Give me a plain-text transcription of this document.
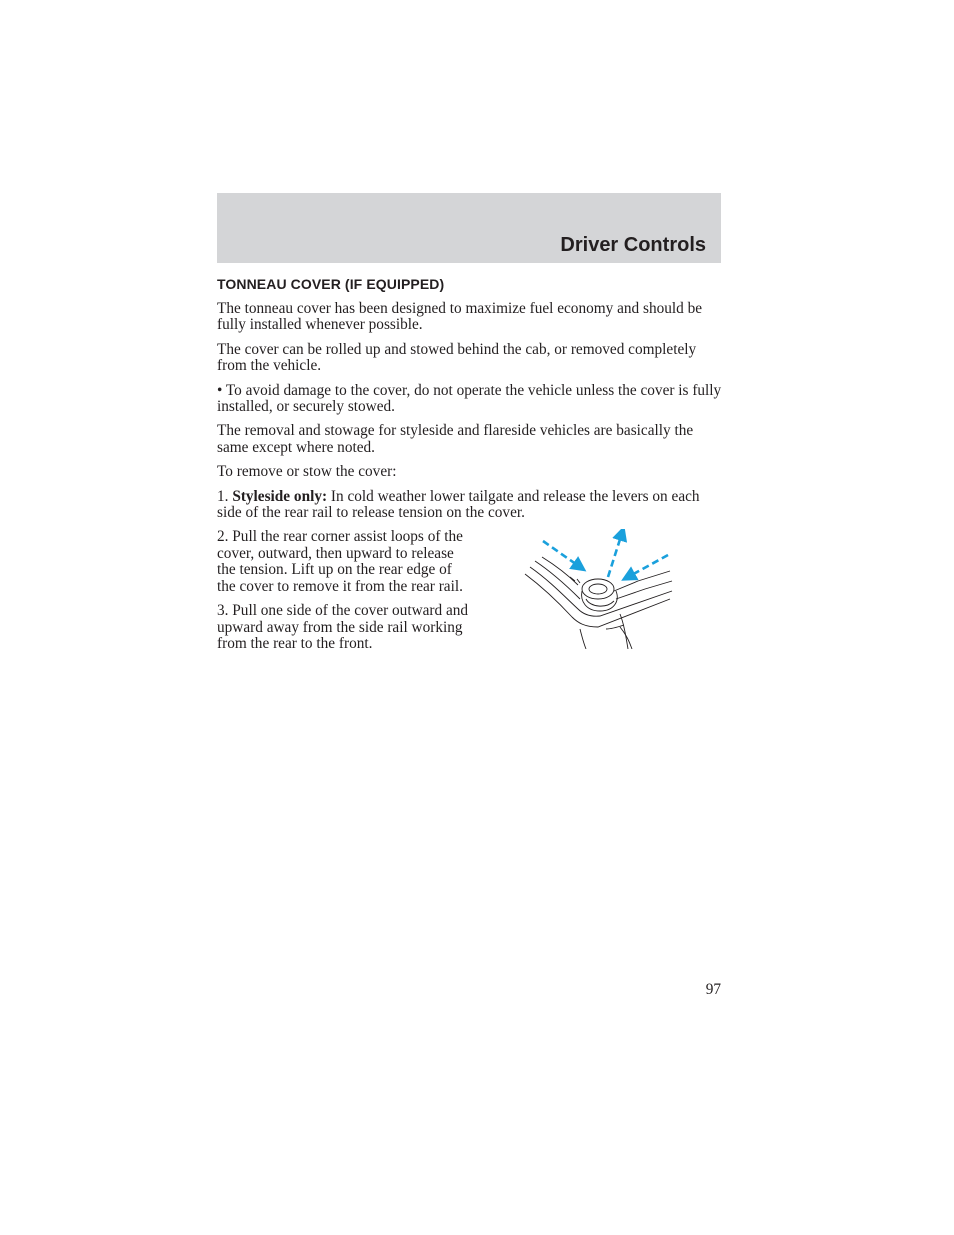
Driver Controls
TONNEAU COVER (IF EQUIPPED)

The tonneau cover has been designed to maximize fuel economy and should be fully installed whenever possible.

The cover can be rolled up and stowed behind the cab, or removed completely from the vehicle.

• To avoid damage to the cover, do not operate the vehicle unless the cover is fully installed, or securely stowed.

The removal and stowage for styleside and flareside vehicles are basically the same except where noted.

To remove or stow the cover:

1. Styleside only: In cold weather lower tailgate and release the levers on each side of the rear rail to release tension on the cover.

2. Pull the rear corner assist loops of the cover, outward, then upward to release the tension. Lift up on the rear edge of the cover to remove it from the rear rail.

3. Pull one side of the cover outward and upward away from the side rail working from the rear to the front.

97
